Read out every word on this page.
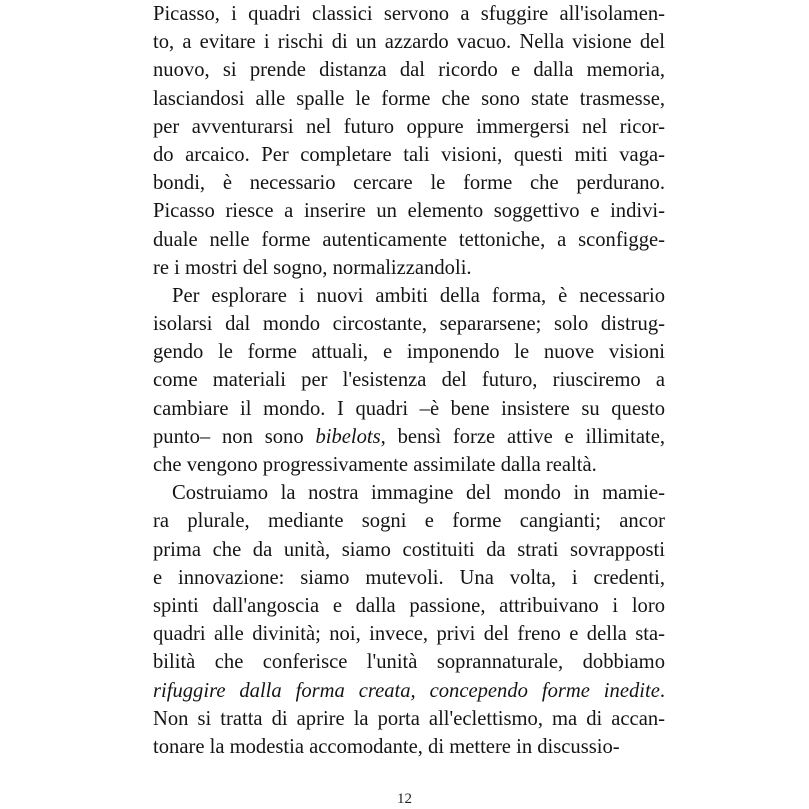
Picasso, i quadri classici servono a sfuggire all'isolamen-
to, a evitare i rischi di un azzardo vacuo. Nella visione del
nuovo, si prende distanza dal ricordo e dalla memoria,
lasciandosi alle spalle le forme che sono state trasmesse,
per avventurarsi nel futuro oppure immergersi nel ricor-
do arcaico. Per completare tali visioni, questi miti vaga-
bondi, è necessario cercare le forme che perdurano.
Picasso riesce a inserire un elemento soggettivo e indivi-
duale nelle forme autenticamente tettoniche, a sconfigge-
re i mostri del sogno, normalizzandoli.
Per esplorare i nuovi ambiti della forma, è necessario
isolarsi dal mondo circostante, separarsene; solo distrug-
gendo le forme attuali, e imponendo le nuove visioni
come materiali per l'esistenza del futuro, riusciremo a
cambiare il mondo. I quadri –è bene insistere su questo
punto– non sono bibelots, bensì forze attive e illimitate,
che vengono progressivamente assimilate dalla realtà.
Costruiamo la nostra immagine del mondo in mamie-
ra plurale, mediante sogni e forme cangianti; ancor
prima che da unità, siamo costituiti da strati sovrapposti
e innovazione: siamo mutevoli. Una volta, i credenti,
spinti dall'angoscia e dalla passione, attribuivano i loro
quadri alle divinità; noi, invece, privi del freno e della sta-
bilità che conferisce l'unità soprannaturale, dobbiamo
rifuggire dalla forma creata, concependo forme inedite.
Non si tratta di aprire la porta all'eclettismo, ma di accan-
tonare la modestia accomodante, di mettere in discussio-
12
